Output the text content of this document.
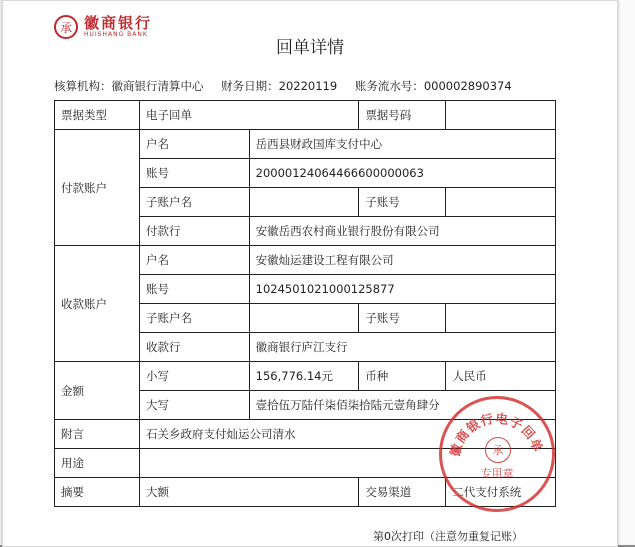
承 徽商银行
HUISHANG BANK
回单详情
核算机构：徽商银行清算中心 财务日期：20220119 账务流水号：000002890374
票据类型	电子回单		票据号码	
付款账户	户名	岳西县财政国库支付中心		
	账号	20000124064466600000063		
	子账户名		子账号	
	付款行	安徽岳西农村商业银行股份有限公司		
收款账户	户名	安徽灿运建设工程有限公司		
	账号	1024501021000125877		
	子账户名		子账号	
	收款行	徽商银行庐江支行		
金额	小写	156,776.14元	币种	人民币
	大写	壹拾伍万陆仟柒佰柒拾陆元壹角肆分		
附言	石关乡政府支付灿运公司清水			
用途				
摘要	大额		交易渠道	二代支付系统
徽商银行电子回单
承
专用章
第0次打印（注意勿重复记账）
